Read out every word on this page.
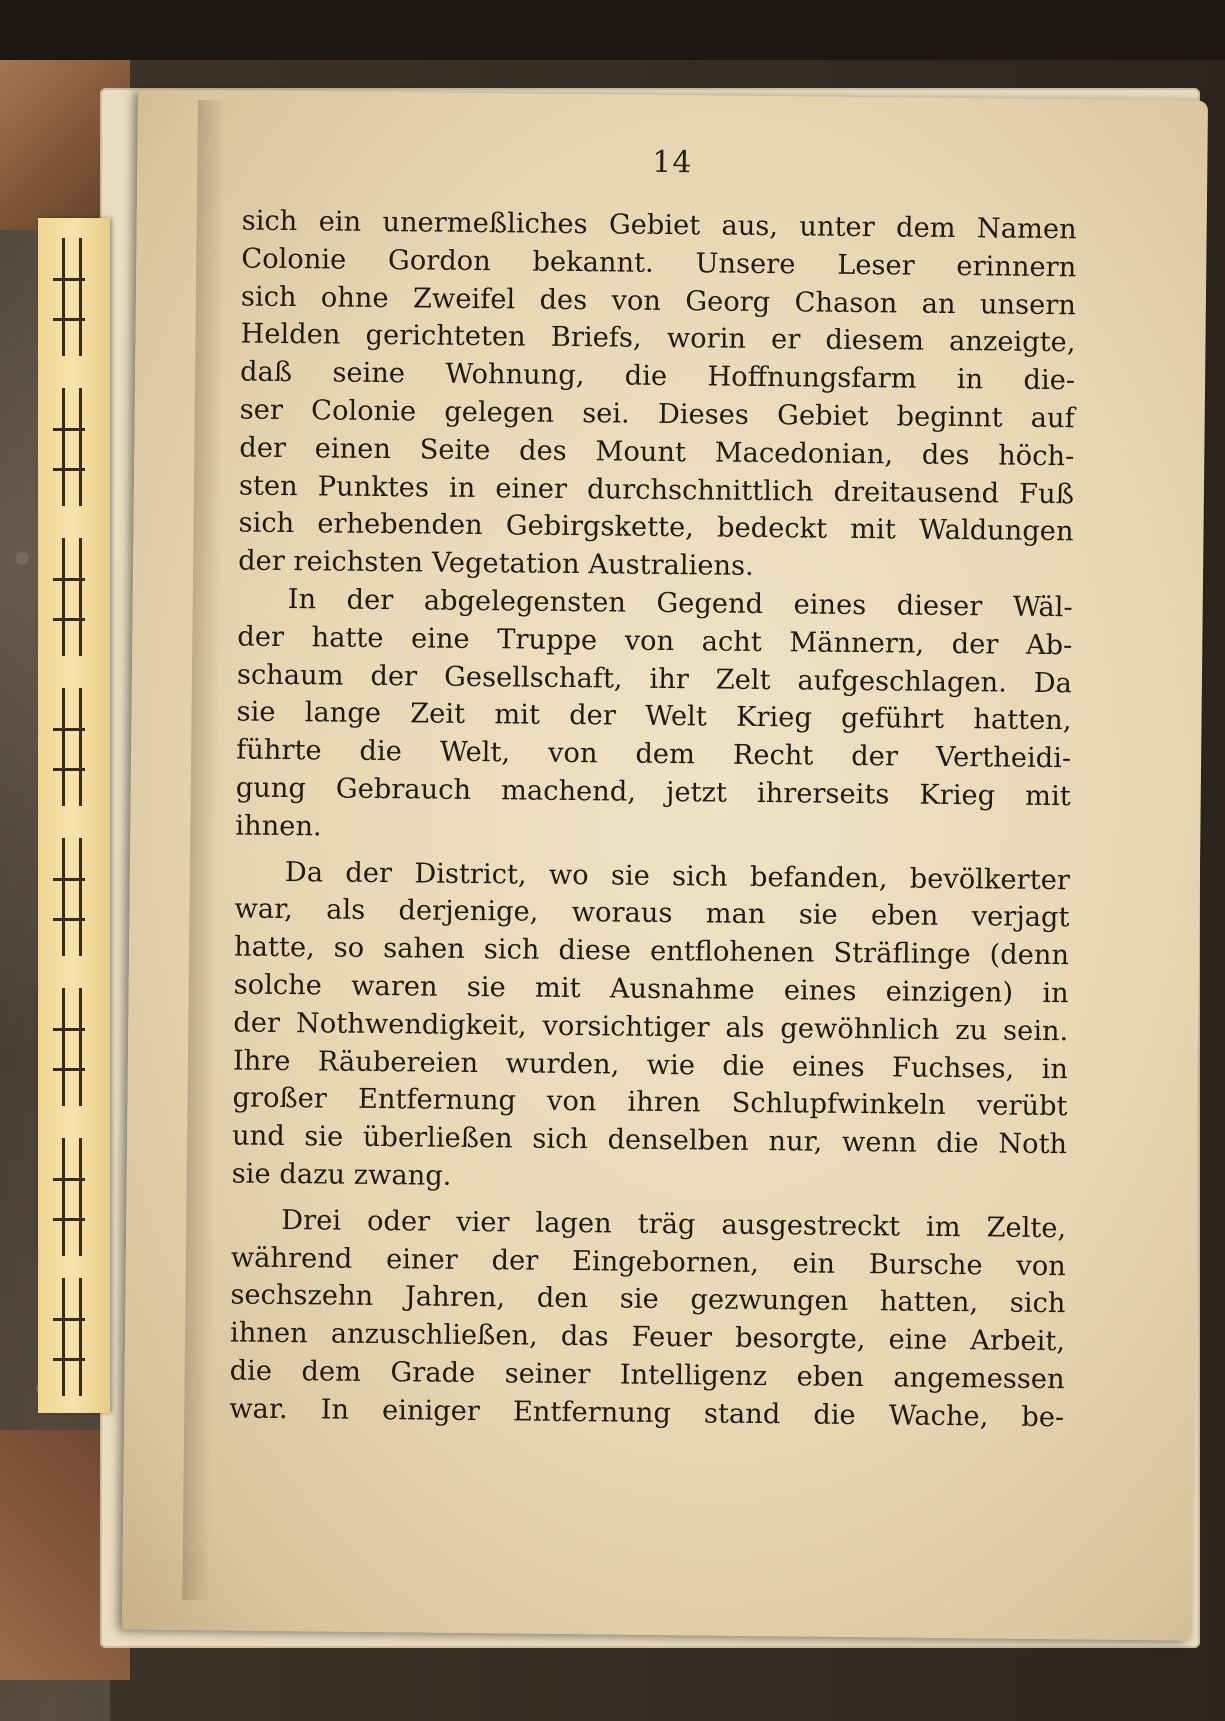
14
sich ein unermeßliches Gebiet aus, unter dem Namen
Colonie Gordon bekannt. Unsere Leser erinnern
sich ohne Zweifel des von Georg Chason an unsern
Helden gerichteten Briefs, worin er diesem anzeigte,
daß seine Wohnung, die Hoffnungsfarm in die-
ser Colonie gelegen sei. Dieses Gebiet beginnt auf
der einen Seite des Mount Macedonian, des höch-
sten Punktes in einer durchschnittlich dreitausend Fuß
sich erhebenden Gebirgskette, bedeckt mit Waldungen
der reichsten Vegetation Australiens.
In der abgelegensten Gegend eines dieser Wäl-
der hatte eine Truppe von acht Männern, der Ab-
schaum der Gesellschaft, ihr Zelt aufgeschlagen. Da
sie lange Zeit mit der Welt Krieg geführt hatten,
führte die Welt, von dem Recht der Vertheidi-
gung Gebrauch machend, jetzt ihrerseits Krieg mit
ihnen.
Da der District, wo sie sich befanden, bevölkerter
war, als derjenige, woraus man sie eben verjagt
hatte, so sahen sich diese entflohenen Sträflinge (denn
solche waren sie mit Ausnahme eines einzigen) in
der Nothwendigkeit, vorsichtiger als gewöhnlich zu sein.
Ihre Räubereien wurden, wie die eines Fuchses, in
großer Entfernung von ihren Schlupfwinkeln verübt
und sie überließen sich denselben nur, wenn die Noth
sie dazu zwang.
Drei oder vier lagen träg ausgestreckt im Zelte,
während einer der Eingebornen, ein Bursche von
sechszehn Jahren, den sie gezwungen hatten, sich
ihnen anzuschließen, das Feuer besorgte, eine Arbeit,
die dem Grade seiner Intelligenz eben angemessen
war. In einiger Entfernung stand die Wache, be-
